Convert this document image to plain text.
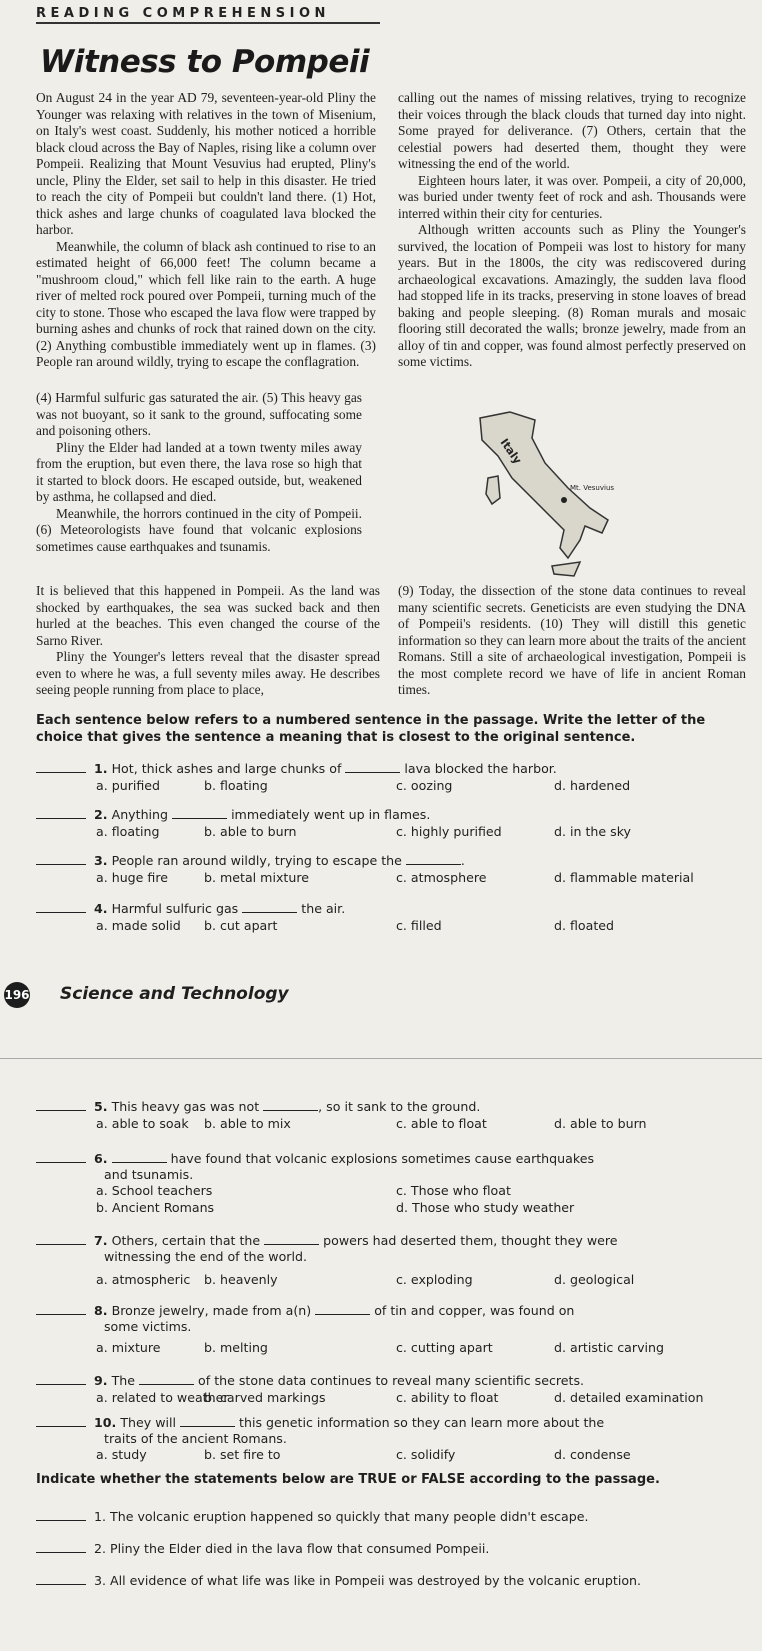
READING COMPREHENSION
Witness to Pompeii

On August 24 in the year AD 79, seventeen-year-old Pliny the Younger was relaxing with relatives in the town of Misenium, on Italy's west coast. Suddenly, his mother noticed a horrible black cloud across the Bay of Naples, rising like a column over Pompeii. Realizing that Mount Vesuvius had erupted, Pliny's uncle, Pliny the Elder, set sail to help in this disaster. He tried to reach the city of Pompeii but couldn't land there. (1) Hot, thick ashes and large chunks of coagulated lava blocked the harbor.

Meanwhile, the column of black ash continued to rise to an estimated height of 66,000 feet! The column became a "mushroom cloud," which fell like rain to the earth. A huge river of melted rock poured over Pompeii, turning much of the city to stone. Those who escaped the lava flow were trapped by burning ashes and chunks of rock that rained down on the city. (2) Anything combustible immediately went up in flames. (3) People ran around wildly, trying to escape the conflagration.

(4) Harmful sulfuric gas saturated the air. (5) This heavy gas was not buoyant, so it sank to the ground, suffocating some and poisoning others.

Pliny the Elder had landed at a town twenty miles away from the eruption, but even there, the lava rose so high that it started to block doors. He escaped outside, but, weakened by asthma, he collapsed and died.

Meanwhile, the horrors continued in the city of Pompeii. (6) Meteorologists have found that volcanic explosions sometimes cause earthquakes and tsunamis.

calling out the names of missing relatives, trying to recognize their voices through the black clouds that turned day into night. Some prayed for deliverance. (7) Others, certain that the celestial powers had deserted them, thought they were witnessing the end of the world.

Eighteen hours later, it was over. Pompeii, a city of 20,000, was buried under twenty feet of rock and ash. Thousands were interred within their city for centuries.

Although written accounts such as Pliny the Younger's survived, the location of Pompeii was lost to history for many years. But in the 1800s, the city was rediscovered during archaeological excavations. Amazingly, the sudden lava flood had stopped life in its tracks, preserving in stone loaves of bread baking and people sleeping. (8) Roman murals and mosaic flooring still decorated the walls; bronze jewelry, made from an alloy of tin and copper, was found almost perfectly preserved on some victims.

Italy
Mt. Vesuvius

It is believed that this happened in Pompeii. As the land was shocked by earthquakes, the sea was sucked back and then hurled at the beaches. This even changed the course of the Sarno River.

Pliny the Younger's letters reveal that the disaster spread even to where he was, a full seventy miles away. He describes seeing people running from place to place,

(9) Today, the dissection of the stone data continues to reveal many scientific secrets. Geneticists are even studying the DNA of Pompeii's residents. (10) They will distill this genetic information so they can learn more about the traits of the ancient Romans. Still a site of archaeological investigation, Pompeii is the most complete record we have of life in ancient Roman times.

Each sentence below refers to a numbered sentence in the passage. Write the letter of the choice that gives the sentence a meaning that is closest to the original sentence.
1. Hot, thick ashes and large chunks of	lava blocked the harbor.
a. purified	b. floating	c. oozing	d. hardened
2. Anything	immediately went up in flames.
a. floating	b. able to burn	c. highly purified	d. in the sky
3. People ran around wildly, trying to escape the	.
a. huge fire	b. metal mixture	c. atmosphere	d. flammable material
4. Harmful sulfuric gas	the air.
a. made solid b. cut apart	c. filled	d. floated
196 Science and Technology
5. This heavy gas was not	, so it sank to the ground.
a. able to soak b. able to mix	c. able to float	d. able to burn
6.	have found that volcanic explosions sometimes cause earthquakes
and tsunamis.
a. School teachers	c. Those who float
b. Ancient Romans	d. Those who study weather
7. Others, certain that the	powers had deserted them, thought they were
witnessing the end of the world.
a. atmospheric b. heavenly	c. exploding	d. geological
8. Bronze jewelry, made from a(n)	of tin and copper, was found on
some victims.
a. mixture	b. melting	c. cutting apart	d. artistic carving
9. The	of the stone data continues to reveal many scientific secrets.
a. related to weather
b. carved markings	c. ability to float	d. detailed examination
10. They will	this genetic information so they can learn more about the
traits of the ancient Romans.
a. study	b. set fire to	c. solidify	d. condense
Indicate whether the statements below are TRUE or FALSE according to the passage.
1. The volcanic eruption happened so quickly that many people didn't escape.
2. Pliny the Elder died in the lava flow that consumed Pompeii.
3. All evidence of what life was like in Pompeii was destroyed by the volcanic eruption.
